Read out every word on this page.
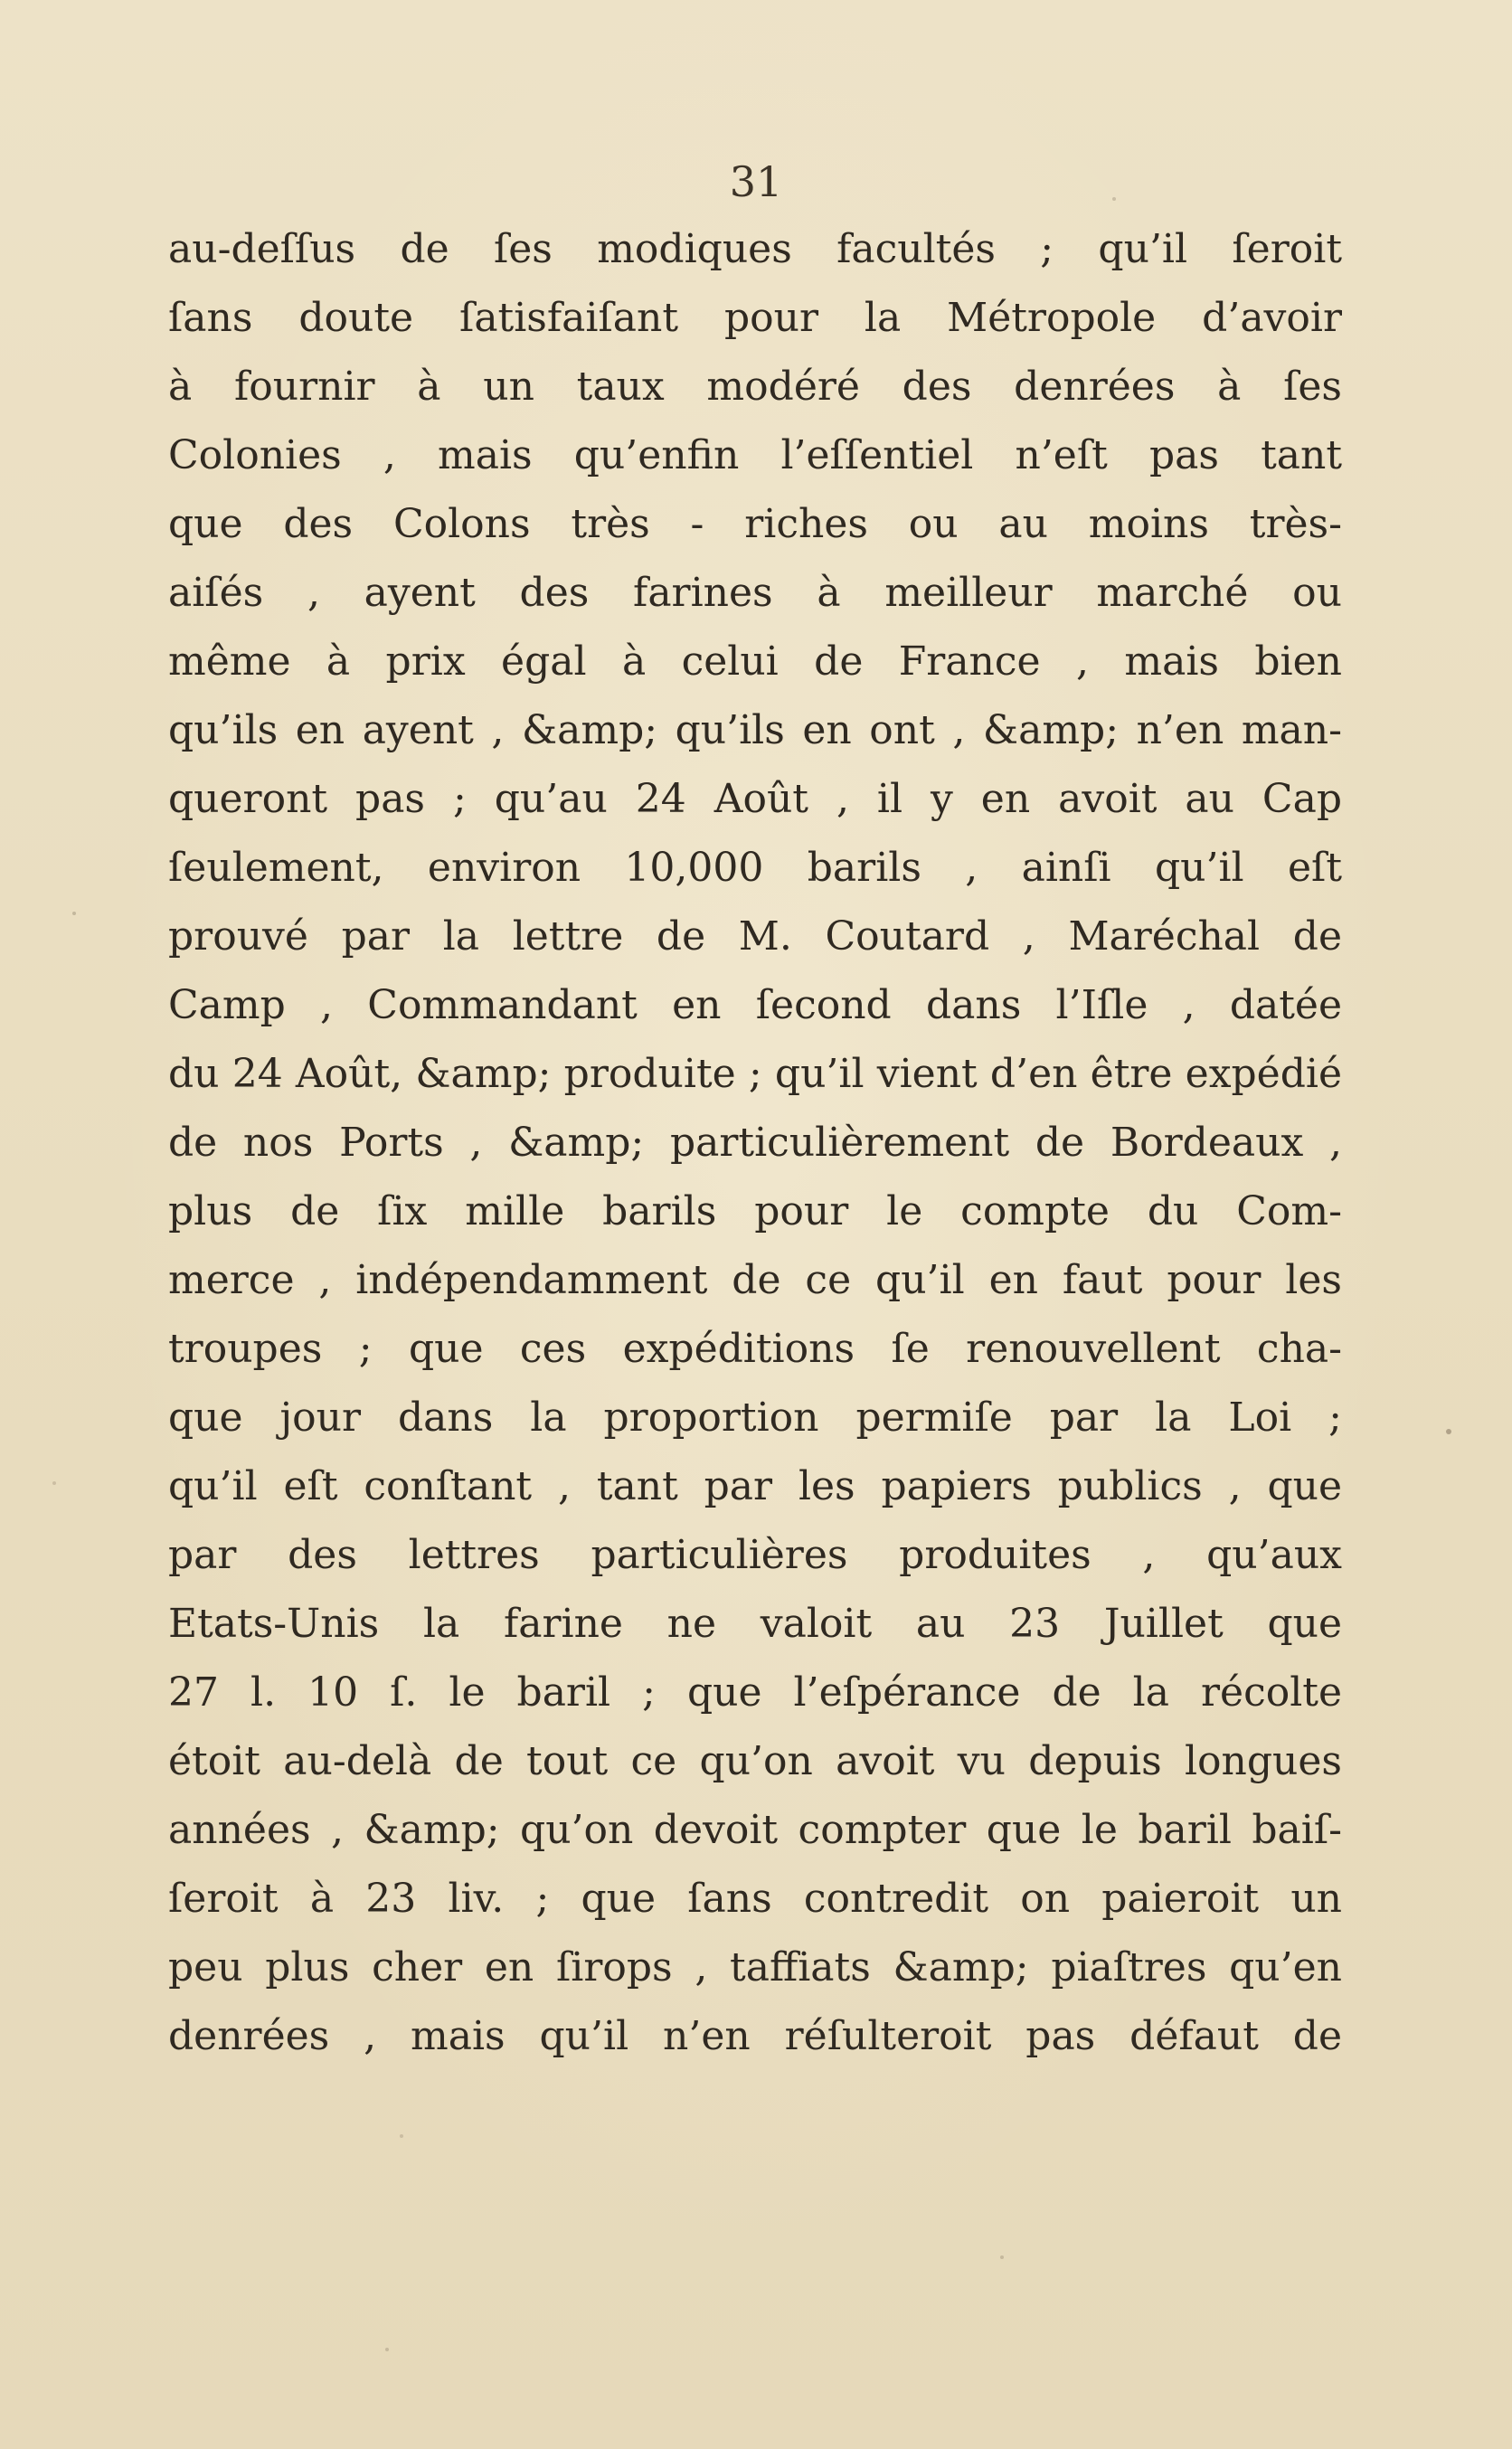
31
au-deſſus de ſes modiques facultés ; qu’il ſeroit
ſans doute ſatisfaiſant pour la Métropole d’avoir
à fournir à un taux modéré des denrées à ſes
Colonies , mais qu’enfin l’eſſentiel n’eſt pas tant
que des Colons très - riches ou au moins très-
aiſés , ayent des farines à meilleur marché ou
même à prix égal à celui de France , mais bien
qu’ils en ayent , &amp; qu’ils en ont , &amp; n’en man-
queront pas ; qu’au 24 Août , il y en avoit au Cap
ſeulement, environ 10,000 barils , ainſi qu’il eſt
prouvé par la lettre de M. Coutard , Maréchal de
Camp , Commandant en ſecond dans l’Iſle , datée
du 24 Août, &amp; produite ; qu’il vient d’en être expédié
de nos Ports , &amp; particulièrement de Bordeaux ,
plus de ſix mille barils pour le compte du Com-
merce , indépendamment de ce qu’il en faut pour les
troupes ; que ces expéditions ſe renouvellent cha-
que jour dans la proportion permiſe par la Loi ;
qu’il eſt conſtant , tant par les papiers publics , que
par des lettres particulières produites , qu’aux
Etats-Unis la farine ne valoit au 23 Juillet que
27 l. 10 ſ. le baril ; que l’eſpérance de la récolte
étoit au-delà de tout ce qu’on avoit vu depuis longues
années , &amp; qu’on devoit compter que le baril baiſ-
ſeroit à 23 liv. ; que ſans contredit on paieroit un
peu plus cher en ſirops , taffiats &amp; piaſtres qu’en
denrées , mais qu’il n’en réſulteroit pas défaut de
